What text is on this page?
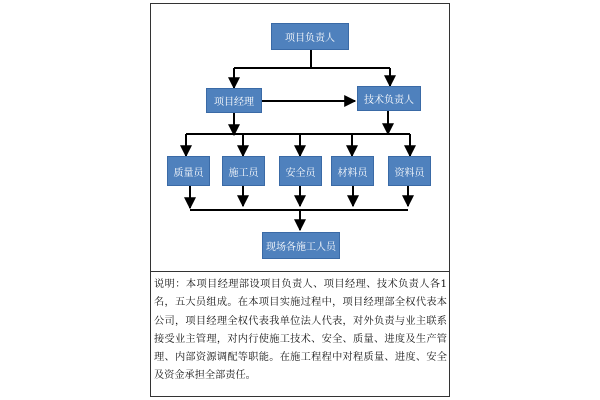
项目负责人
项目经理	技术负责人
质量员	施工员	安全员	材料员	资料员
现场各施工人员
说明：本项目经理部设项目负责人、项目经理、技术负责人各1名，五大员组成。在本项目实施过程中，项目经理部全权代表本公司，项目经理全权代表我单位法人代表，对外负责与业主联系接受业主管理，对内行使施工技术、安全、质量、进度及生产管理、内部资源调配等职能。在施工程程中对程质量、进度、安全及资金承担全部责任。
